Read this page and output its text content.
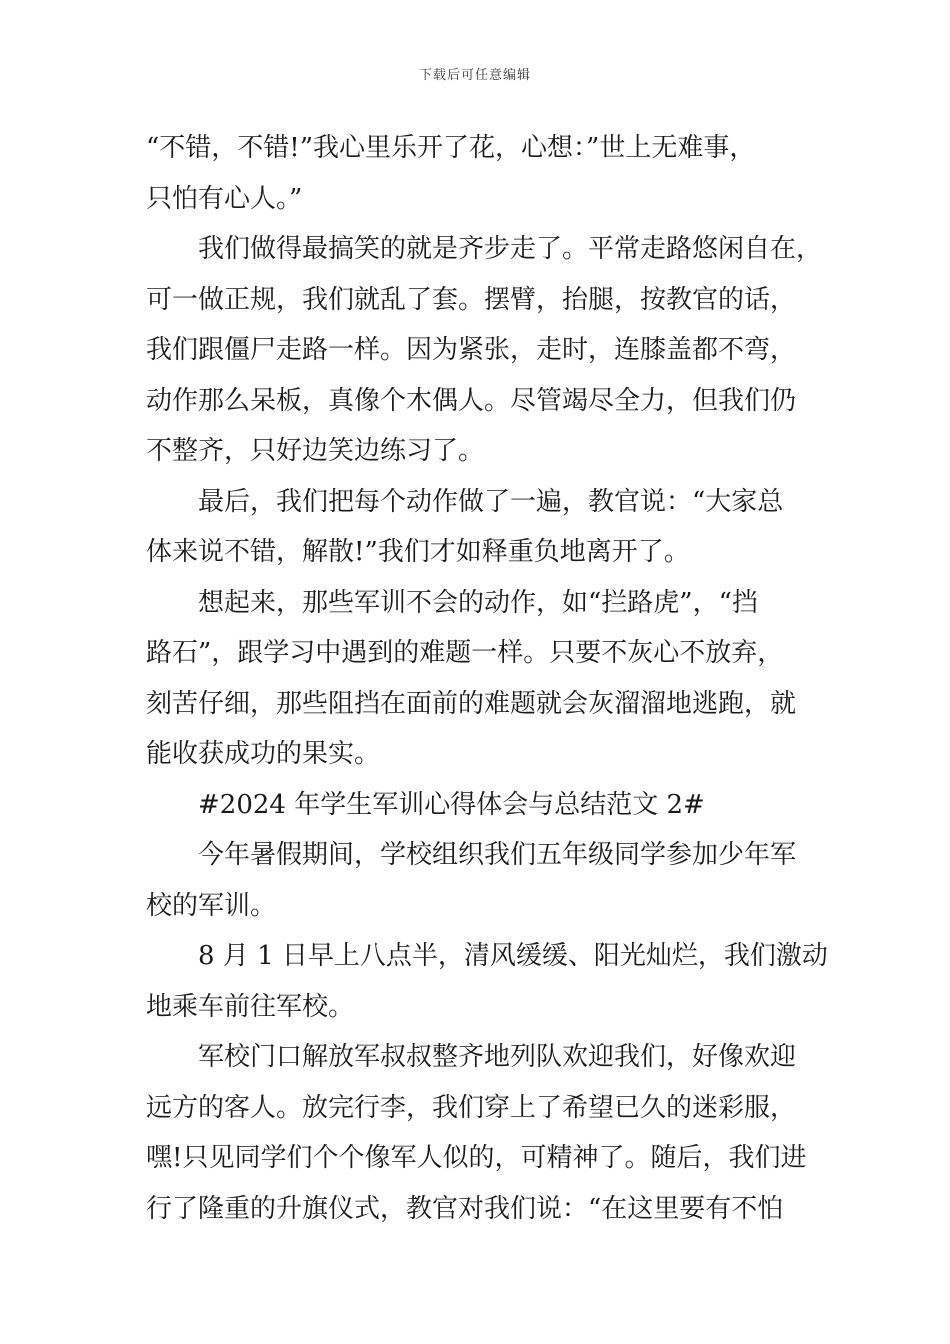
下载后可任意编辑
“不错，不错!”我心里乐开了花，心想：”世上无难事，
只怕有心人。”
我们做得最搞笑的就是齐步走了。平常走路悠闲自在，
可一做正规，我们就乱了套。摆臂，抬腿，按教官的话，
我们跟僵尸走路一样。因为紧张，走时，连膝盖都不弯，
动作那么呆板，真像个木偶人。尽管竭尽全力，但我们仍
不整齐，只好边笑边练习了。
最后，我们把每个动作做了一遍，教官说：“大家总
体来说不错，解散!”我们才如释重负地离开了。
想起来，那些军训不会的动作，如“拦路虎”，“挡
路石”，跟学习中遇到的难题一样。只要不灰心不放弃，
刻苦仔细，那些阻挡在面前的难题就会灰溜溜地逃跑，就
能收获成功的果实。
#2024 年学生军训心得体会与总结范文 2#
今年暑假期间，学校组织我们五年级同学参加少年军
校的军训。
8 月 1 日早上八点半，清风缓缓、阳光灿烂，我们激动
地乘车前往军校。
军校门口解放军叔叔整齐地列队欢迎我们，好像欢迎
远方的客人。放完行李，我们穿上了希望已久的迷彩服，
嘿!只见同学们个个像军人似的，可精神了。随后，我们进
行了隆重的升旗仪式，教官对我们说：“在这里要有不怕
